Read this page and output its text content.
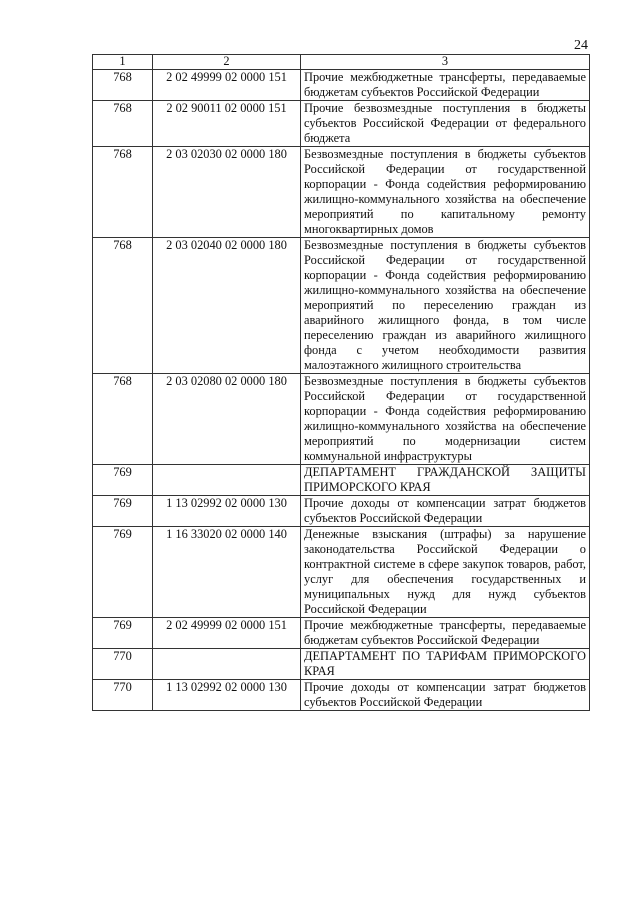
24
1	2	3
768	2 02 49999 02 0000 151	Прочие межбюджетные трансферты, передаваемые бюджетам субъектов Российской Федерации
768	2 02 90011 02 0000 151	Прочие безвозмездные поступления в бюджеты субъектов Российской Федерации от федерального бюджета
768	2 03 02030 02 0000 180	Безвозмездные поступления в бюджеты субъектов Российской Федерации от государственной корпорации - Фонда содействия реформированию жилищно-коммунального хозяйства на обеспечение мероприятий по капитальному ремонту многоквартирных домов
768	2 03 02040 02 0000 180	Безвозмездные поступления в бюджеты субъектов Российской Федерации от государственной корпорации - Фонда содействия реформированию жилищно-коммунального хозяйства на обеспечение мероприятий по переселению граждан из аварийного жилищного фонда, в том числе переселению граждан из аварийного жилищного фонда с учетом необходимости развития малоэтажного жилищного строительства
768	2 03 02080 02 0000 180	Безвозмездные поступления в бюджеты субъектов Российской Федерации от государственной корпорации - Фонда содействия реформированию жилищно-коммунального хозяйства на обеспечение мероприятий по модернизации систем коммунальной инфраструктуры
769		ДЕПАРТАМЕНТ ГРАЖДАНСКОЙ ЗАЩИТЫ ПРИМОРСКОГО КРАЯ
769	1 13 02992 02 0000 130	Прочие доходы от компенсации затрат бюджетов субъектов Российской Федерации
769	1 16 33020 02 0000 140	Денежные взыскания (штрафы) за нарушение законодательства Российской Федерации о контрактной системе в сфере закупок товаров, работ, услуг для обеспечения государственных и муниципальных нужд для нужд субъектов Российской Федерации
769	2 02 49999 02 0000 151	Прочие межбюджетные трансферты, передаваемые бюджетам субъектов Российской Федерации
770		ДЕПАРТАМЕНТ ПО ТАРИФАМ ПРИМОРСКОГО КРАЯ
770	1 13 02992 02 0000 130	Прочие доходы от компенсации затрат бюджетов субъектов Российской Федерации
